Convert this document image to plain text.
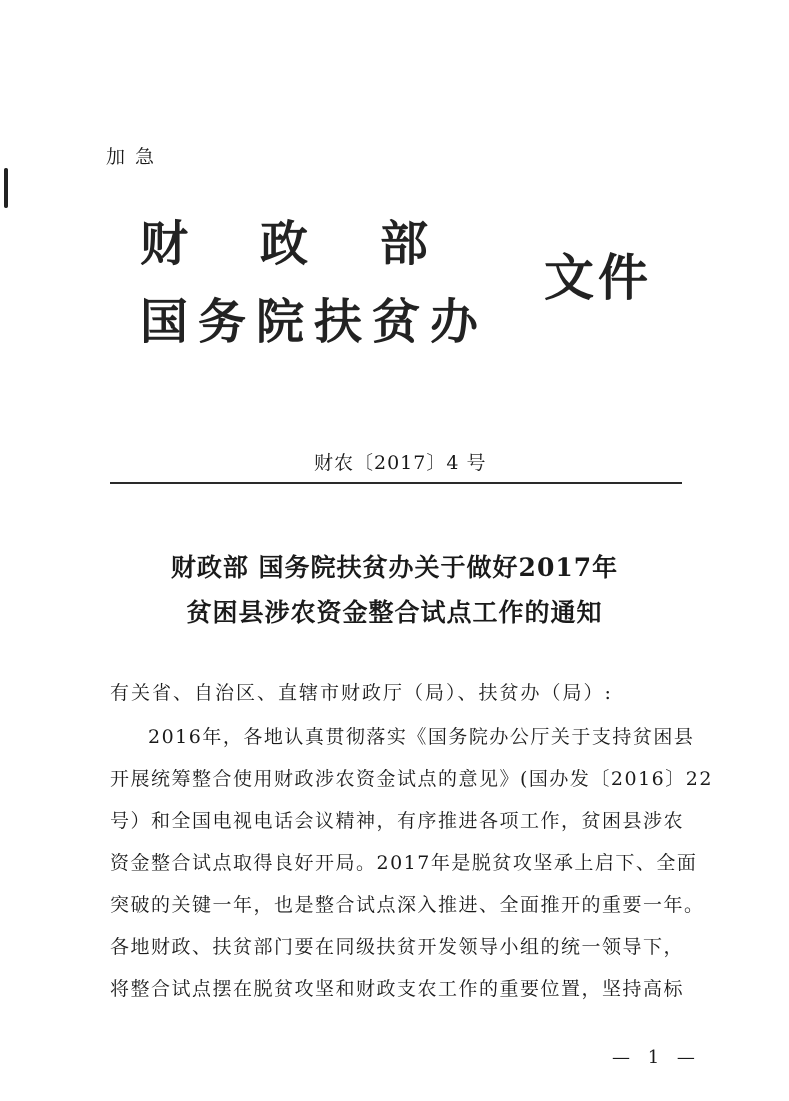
加急
财政部
国务院扶贫办
文件
财农〔2017〕4 号
财政部 国务院扶贫办关于做好2017年
贫困县涉农资金整合试点工作的通知
有关省、自治区、直辖市财政厅（局）、扶贫办（局）:
2016年，各地认真贯彻落实《国务院办公厅关于支持贫困县
开展统筹整合使用财政涉农资金试点的意见》(国办发〔2016〕22
号）和全国电视电话会议精神，有序推进各项工作，贫困县涉农
资金整合试点取得良好开局。2017年是脱贫攻坚承上启下、全面
突破的关键一年，也是整合试点深入推进、全面推开的重要一年。
各地财政、扶贫部门要在同级扶贫开发领导小组的统一领导下，
将整合试点摆在脱贫攻坚和财政支农工作的重要位置，坚持高标
— 1 —
